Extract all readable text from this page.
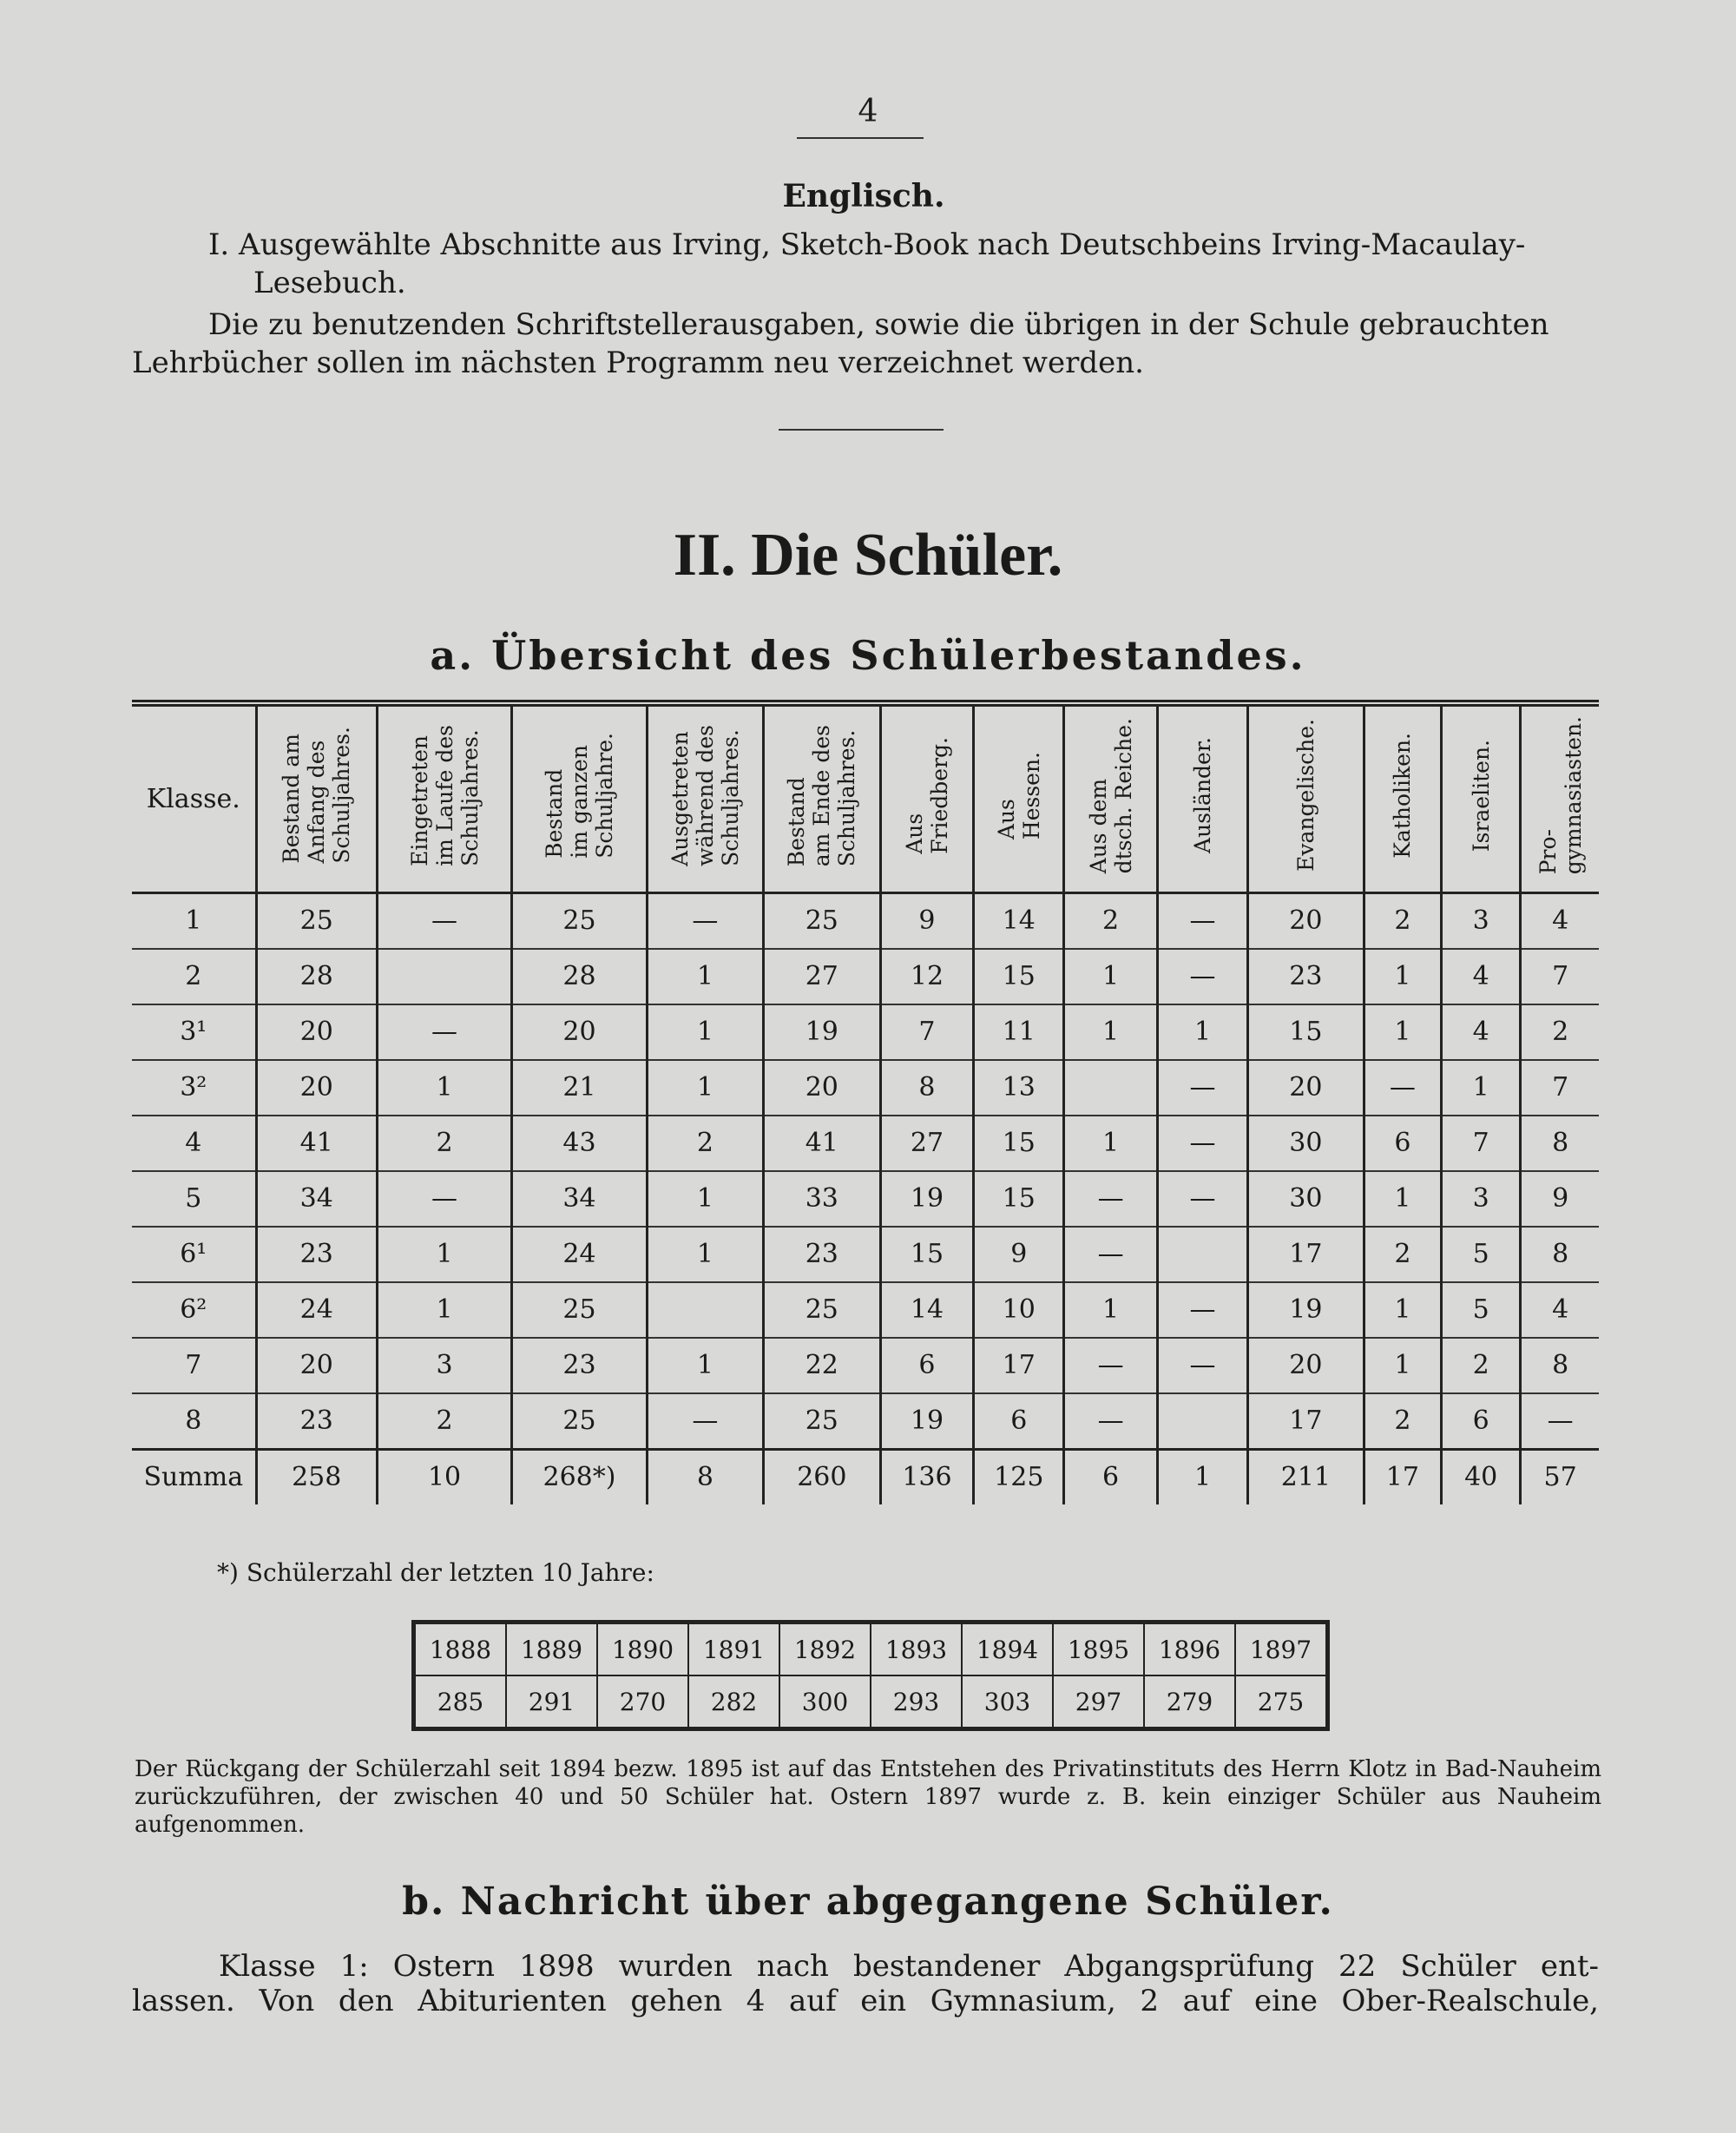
4
Englisch.
I. Ausgewählte Abschnitte aus Irving, Sketch-Book nach Deutschbeins Irving-Macaulay-
Lesebuch.
Die zu benutzenden Schriftstellerausgaben, sowie die übrigen in der Schule gebrauchten
Lehrbücher sollen im nächsten Programm neu verzeichnet werden.
II. Die Schüler.
a. Übersicht des Schülerbestandes.
Klasse.	Bestand am
Anfang des
Schuljahres.	Eingetreten
im Laufe des
Schuljahres.	Bestand
im ganzen
Schuljahre.	Ausgetreten
während des
Schuljahres.	Bestand
am Ende des
Schuljahres.	Aus
Friedberg.	Aus
Hessen.	Aus dem
dtsch. Reiche.	Ausländer.	Evangelische.	Katholiken.	Israeliten.	Pro-
gymnasiasten.
1	25	—	25	—	25	9	14	2	—	20	2	3	4
2	28		28	1	27	12	15	1	—	23	1	4	7
3¹	20	—	20	1	19	7	11	1	1	15	1	4	2
3²	20	1	21	1	20	8	13		—	20	—	1	7
4	41	2	43	2	41	27	15	1	—	30	6	7	8
5	34	—	34	1	33	19	15	—	—	30	1	3	9
6¹	23	1	24	1	23	15	9	—		17	2	5	8
6²	24	1	25		25	14	10	1	—	19	1	5	4
7	20	3	23	1	22	6	17	—	—	20	1	2	8
8	23	2	25	—	25	19	6	—		17	2	6	—
Summa	258	10	268*)	8	260	136	125	6	1	211	17	40	57
*) Schülerzahl der letzten 10 Jahre:
1888	1889	1890	1891	1892	1893	1894	1895	1896	1897
285	291	270	282	300	293	303	297	279	275
Der Rückgang der Schülerzahl seit 1894 bezw. 1895 ist auf das Entstehen des Privatinstituts des Herrn Klotz in Bad-Nauheim zurückzuführen, der zwischen 40 und 50 Schüler hat. Ostern 1897 wurde z. B. kein einziger Schüler aus Nauheim aufgenommen.
b. Nachricht über abgegangene Schüler.
Klasse 1: Ostern 1898 wurden nach bestandener Abgangsprüfung 22 Schüler ent-
lassen. Von den Abiturienten gehen 4 auf ein Gymnasium, 2 auf eine Ober-Realschule,
